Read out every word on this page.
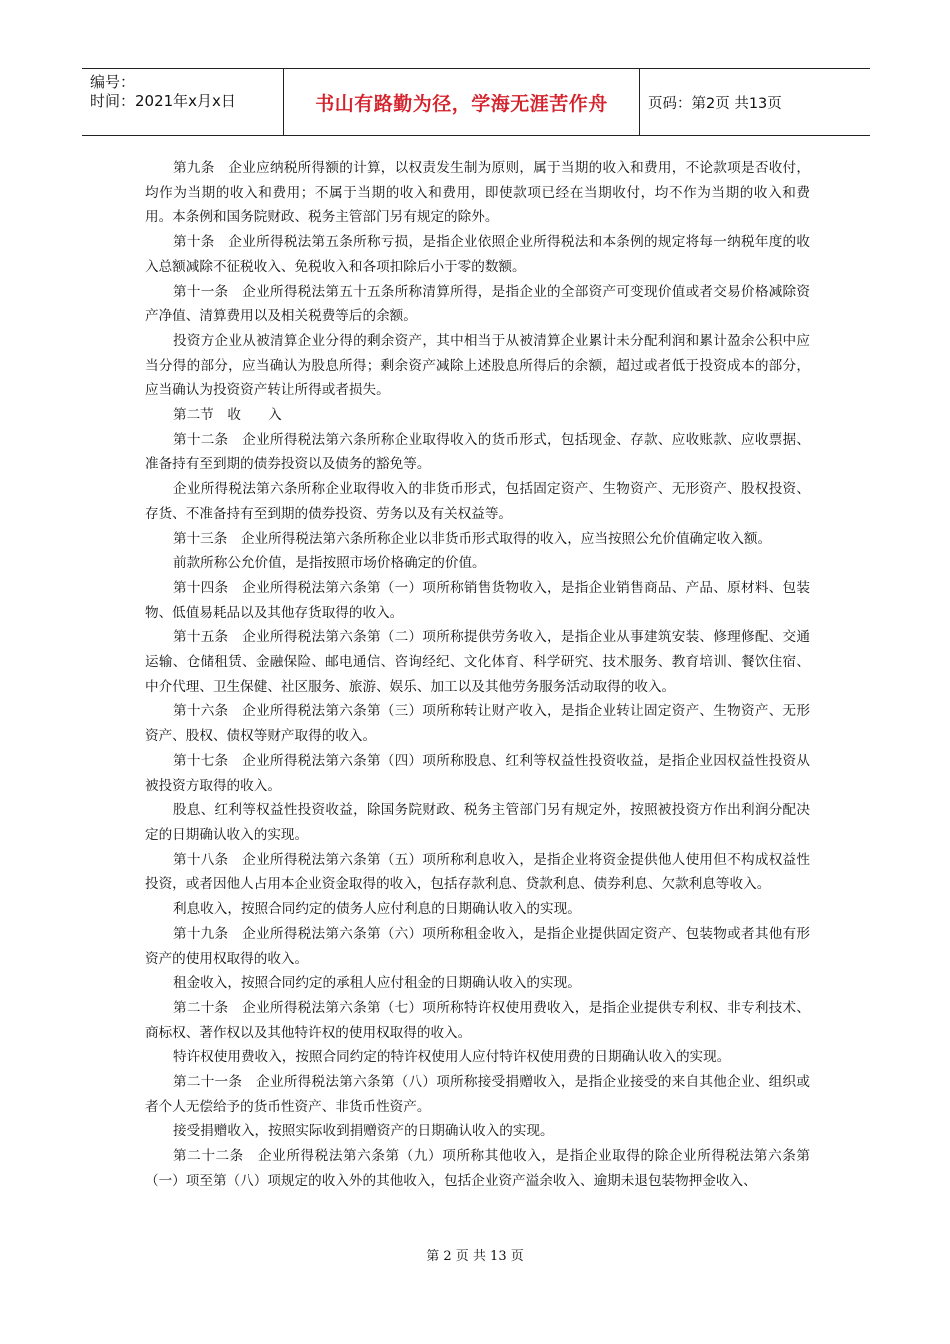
编号：
时间：2021年x月x日	书山有路勤为径，学海无涯苦作舟	页码：第2页 共13页

第九条　企业应纳税所得额的计算，以权责发生制为原则，属于当期的收入和费用，不论款项是否收付，均作为当期的收入和费用；不属于当期的收入和费用，即使款项已经在当期收付，均不作为当期的收入和费用。本条例和国务院财政、税务主管部门另有规定的除外。

第十条　企业所得税法第五条所称亏损，是指企业依照企业所得税法和本条例的规定将每一纳税年度的收入总额减除不征税收入、免税收入和各项扣除后小于零的数额。

第十一条　企业所得税法第五十五条所称清算所得，是指企业的全部资产可变现价值或者交易价格减除资产净值、清算费用以及相关税费等后的余额。

投资方企业从被清算企业分得的剩余资产，其中相当于从被清算企业累计未分配利润和累计盈余公积中应当分得的部分，应当确认为股息所得；剩余资产减除上述股息所得后的余额，超过或者低于投资成本的部分，应当确认为投资资产转让所得或者损失。

第二节　收　　入

第十二条　企业所得税法第六条所称企业取得收入的货币形式，包括现金、存款、应收账款、应收票据、准备持有至到期的债券投资以及债务的豁免等。

企业所得税法第六条所称企业取得收入的非货币形式，包括固定资产、生物资产、无形资产、股权投资、存货、不准备持有至到期的债券投资、劳务以及有关权益等。

第十三条　企业所得税法第六条所称企业以非货币形式取得的收入，应当按照公允价值确定收入额。

前款所称公允价值，是指按照市场价格确定的价值。

第十四条　企业所得税法第六条第（一）项所称销售货物收入，是指企业销售商品、产品、原材料、包装物、低值易耗品以及其他存货取得的收入。

第十五条　企业所得税法第六条第（二）项所称提供劳务收入，是指企业从事建筑安装、修理修配、交通运输、仓储租赁、金融保险、邮电通信、咨询经纪、文化体育、科学研究、技术服务、教育培训、餐饮住宿、中介代理、卫生保健、社区服务、旅游、娱乐、加工以及其他劳务服务活动取得的收入。

第十六条　企业所得税法第六条第（三）项所称转让财产收入，是指企业转让固定资产、生物资产、无形资产、股权、债权等财产取得的收入。

第十七条　企业所得税法第六条第（四）项所称股息、红利等权益性投资收益，是指企业因权益性投资从被投资方取得的收入。

股息、红利等权益性投资收益，除国务院财政、税务主管部门另有规定外，按照被投资方作出利润分配决定的日期确认收入的实现。

第十八条　企业所得税法第六条第（五）项所称利息收入，是指企业将资金提供他人使用但不构成权益性投资，或者因他人占用本企业资金取得的收入，包括存款利息、贷款利息、债券利息、欠款利息等收入。

利息收入，按照合同约定的债务人应付利息的日期确认收入的实现。

第十九条　企业所得税法第六条第（六）项所称租金收入，是指企业提供固定资产、包装物或者其他有形资产的使用权取得的收入。

租金收入，按照合同约定的承租人应付租金的日期确认收入的实现。

第二十条　企业所得税法第六条第（七）项所称特许权使用费收入，是指企业提供专利权、非专利技术、商标权、著作权以及其他特许权的使用权取得的收入。

特许权使用费收入，按照合同约定的特许权使用人应付特许权使用费的日期确认收入的实现。

第二十一条　企业所得税法第六条第（八）项所称接受捐赠收入，是指企业接受的来自其他企业、组织或者个人无偿给予的货币性资产、非货币性资产。

接受捐赠收入，按照实际收到捐赠资产的日期确认收入的实现。

第二十二条　企业所得税法第六条第（九）项所称其他收入，是指企业取得的除企业所得税法第六条第（一）项至第（八）项规定的收入外的其他收入，包括企业资产溢余收入、逾期未退包装物押金收入、

第 2 页 共 13 页
